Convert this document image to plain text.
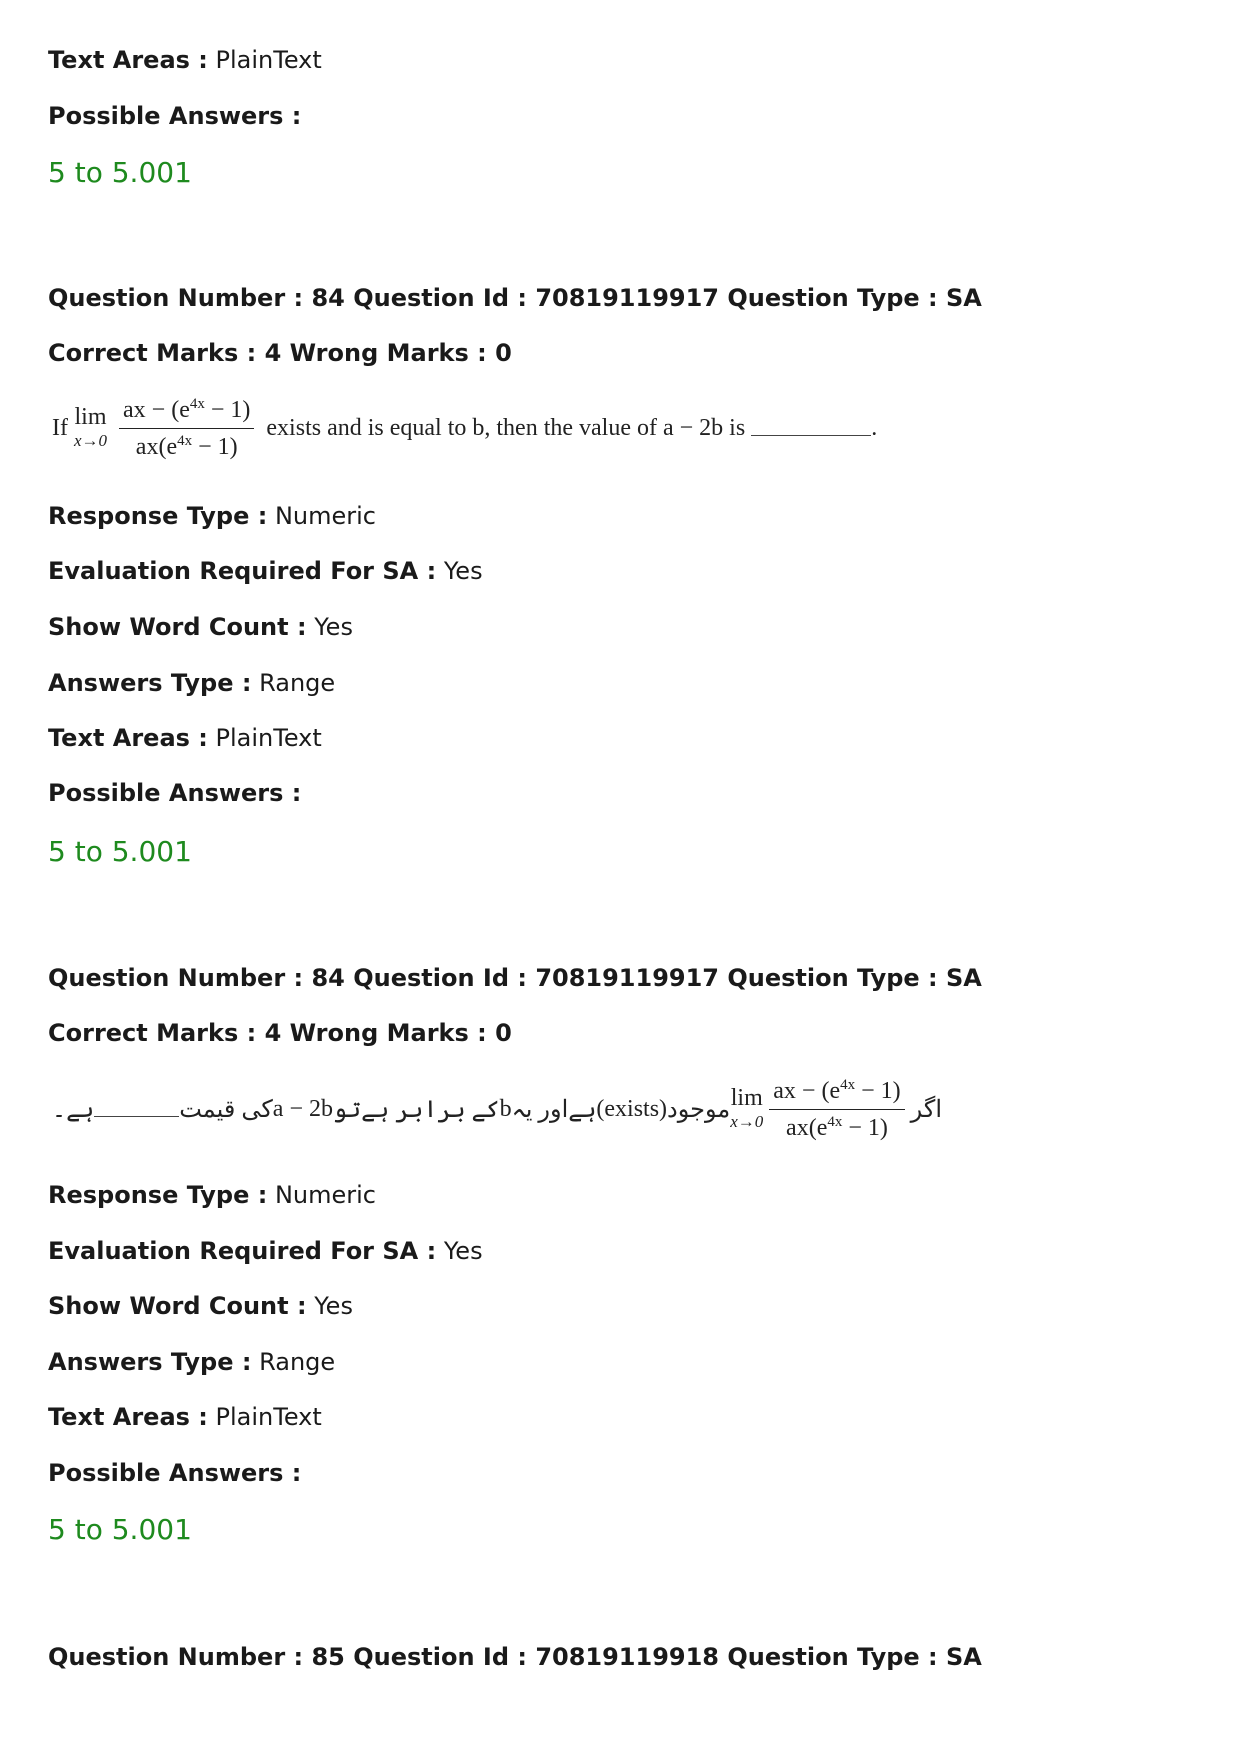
Text Areas : PlainText
Possible Answers :
5 to 5.001
Question Number : 84 Question Id : 70819119917 Question Type : SA
Correct Marks : 4 Wrong Marks : 0
If lim
x→0
$\frac{ax - (e^{4x} - 1)}{ax(e^{4x} - 1)}$ exists and is equal to b, then the value of a − 2b is	.
Response Type : Numeric
Evaluation Required For SA : Yes
Show Word Count : Yes
Answers Type : Range
Text Areas : PlainText
Possible Answers :
5 to 5.001
Question Number : 84 Question Id : 70819119917 Question Type : SA
Correct Marks : 4 Wrong Marks : 0
ہے۔	کی قیمت a − 2b کے برابر ہےتو b ہےاور یہ (exists) موجود lim
$x\to 0 \frac{ax - (e^{4x} - 1)}{ax(e^{4x} - 1)}$ اگر
Response Type : Numeric
Evaluation Required For SA : Yes
Show Word Count : Yes
Answers Type : Range
Text Areas : PlainText
Possible Answers :
5 to 5.001
Question Number : 85 Question Id : 70819119918 Question Type : SA
